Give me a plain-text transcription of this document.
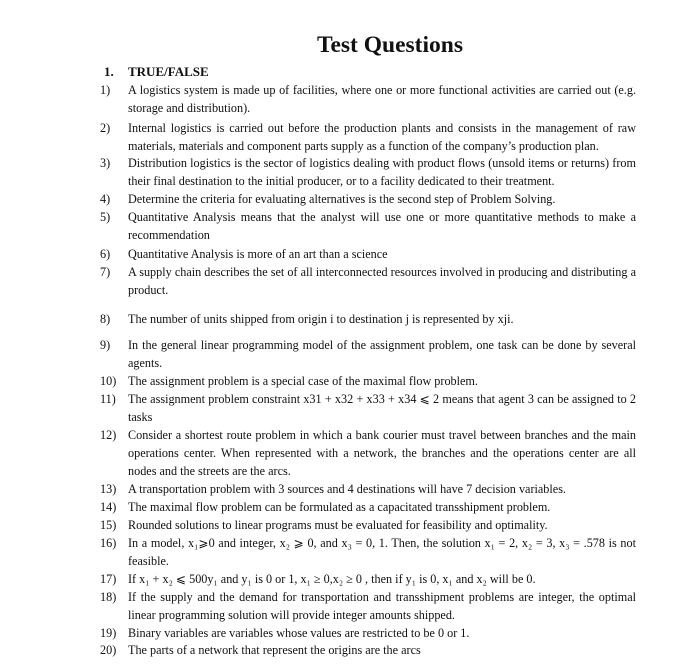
Test Questions
1. TRUE/FALSE
1)	A logistics system is made up of facilities, where one or more functional activities are carried out (e.g. storage and distribution).
2)	Internal logistics is carried out before the production plants and consists in the management of raw materials, materials and component parts supply as a function of the company’s production plan.
3)	Distribution logistics is the sector of logistics dealing with product flows (unsold items or returns) from their final destination to the initial producer, or to a facility dedicated to their treatment.
4)	Determine the criteria for evaluating alternatives is the second step of Problem Solving.
5)	Quantitative Analysis means that the analyst will use one or more quantitative methods to make a recommendation
6)	Quantitative Analysis is more of an art than a science
7)	A supply chain describes the set of all interconnected resources involved in producing and distributing a product.
8)	The number of units shipped from origin i to destination j is represented by xji.
9)	In the general linear programming model of the assignment problem, one task can be done by several agents.
10) The assignment problem is a special case of the maximal flow problem.
11)	The assignment problem constraint x31 + x32 + x33 + x34 ⩽ 2 means that agent 3 can be assigned to 2 tasks
12) Consider a shortest route problem in which a bank courier must travel between branches and the main operations center. When represented with a network, the branches and the operations center are all nodes and the streets are the arcs.
13) A transportation problem with 3 sources and 4 destinations will have 7 decision variables.
14) The maximal flow problem can be formulated as a capacitated transshipment problem.
15) Rounded solutions to linear programs must be evaluated for feasibility and optimality.
16) In a model, x₁⩾0 and integer, x₂ ⩾ 0, and x₃ = 0, 1. Then, the solution x₁ = 2, x₂ = 3, x₃ = .578 is not feasible.
17) If x₁ + x₂ ⩽ 500y₁ and y₁ is 0 or 1, x₁ ≥ 0,x₂ ≥ 0 , then if y₁ is 0, x₁ and x₂ will be 0.
18) If the supply and the demand for transportation and transshipment problems are integer, the optimal linear programming solution will provide integer amounts shipped.
19) Binary variables are variables whose values are restricted to be 0 or 1.
20) The parts of a network that represent the origins are the arcs
